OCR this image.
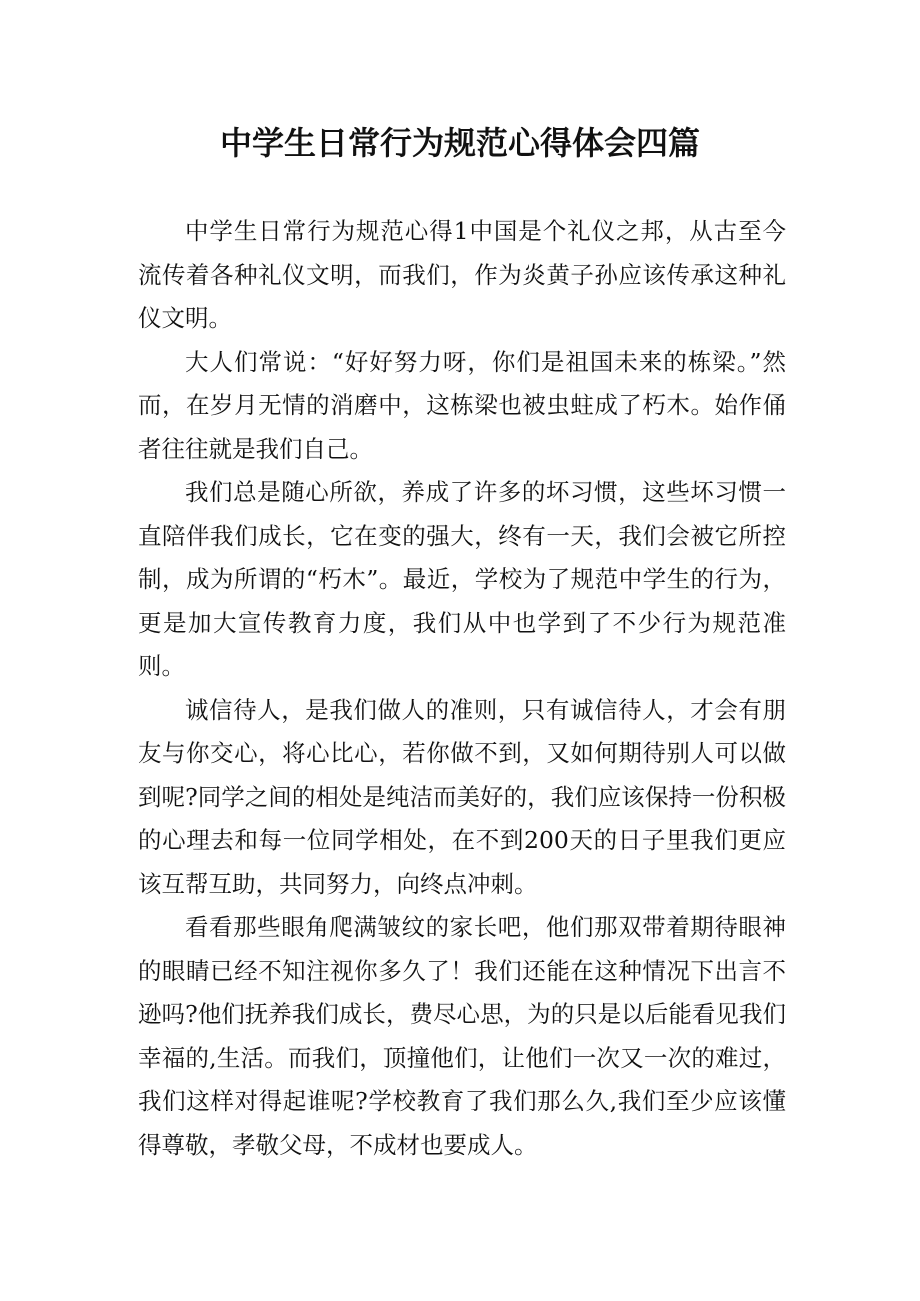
中学生日常行为规范心得体会四篇

中学生日常行为规范心得1中国是个礼仪之邦，从古至今流传着各种礼仪文明，而我们，作为炎黄子孙应该传承这种礼仪文明。

大人们常说：“好好努力呀，你们是祖国未来的栋梁。”然而，在岁月无情的消磨中，这栋梁也被虫蛀成了朽木。始作俑者往往就是我们自己。

我们总是随心所欲，养成了许多的坏习惯，这些坏习惯一直陪伴我们成长，它在变的强大，终有一天，我们会被它所控制，成为所谓的“朽木”。最近，学校为了规范中学生的行为，更是加大宣传教育力度，我们从中也学到了不少行为规范准则。

诚信待人，是我们做人的准则，只有诚信待人，才会有朋友与你交心，将心比心，若你做不到，又如何期待别人可以做到呢?同学之间的相处是纯洁而美好的，我们应该保持一份积极的心理去和每一位同学相处，在不到200天的日子里我们更应该互帮互助，共同努力，向终点冲刺。

看看那些眼角爬满皱纹的家长吧，他们那双带着期待眼神的眼睛已经不知注视你多久了！我们还能在这种情况下出言不逊吗?他们抚养我们成长，费尽心思，为的只是以后能看见我们幸福的,生活。而我们，顶撞他们，让他们一次又一次的难过，我们这样对得起谁呢?学校教育了我们那么久,我们至少应该懂得尊敬，孝敬父母，不成材也要成人。
